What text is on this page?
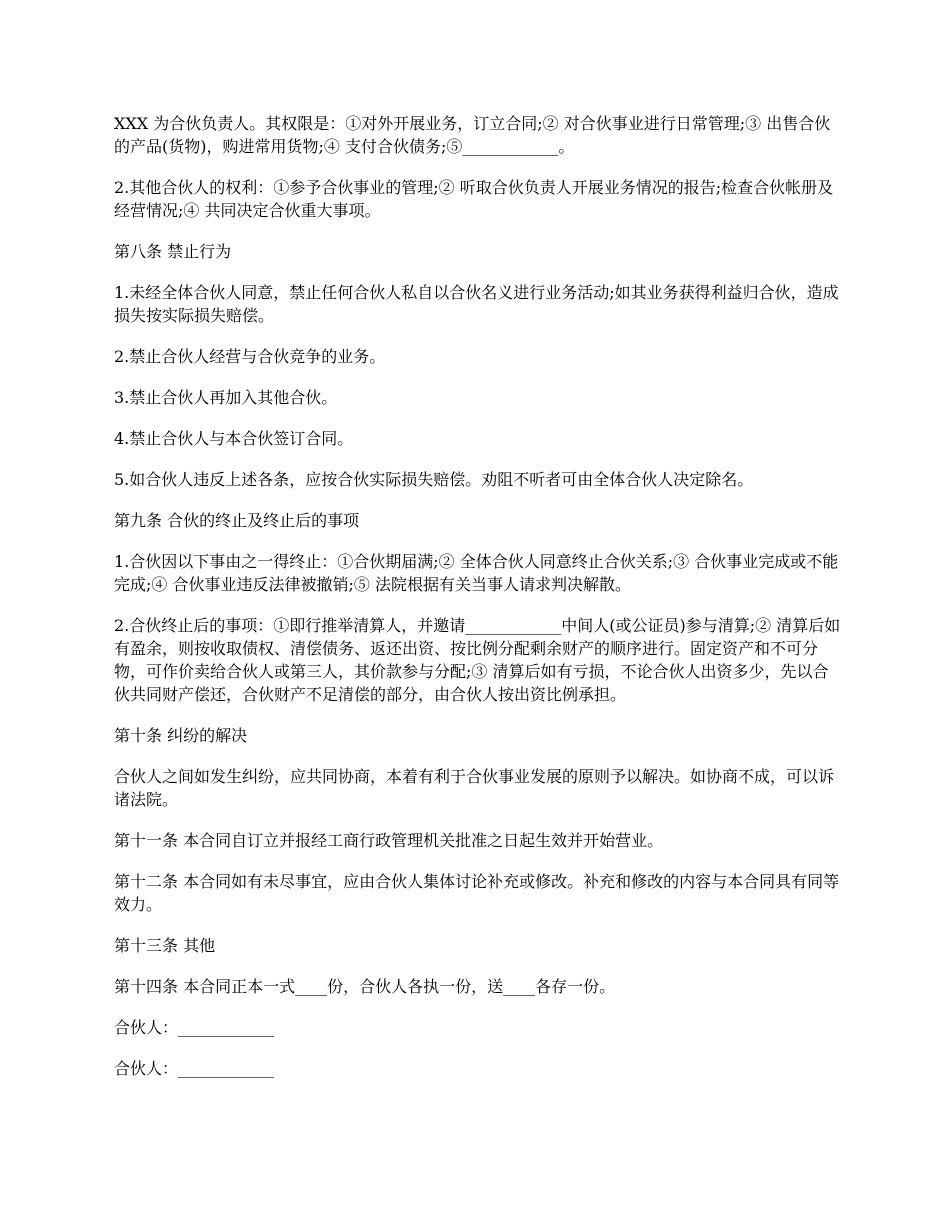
XXX 为合伙负责人。其权限是：①对外开展业务，订立合同;② 对合伙事业进行日常管理;③ 出售合伙的产品(货物)，购进常用货物;④ 支付合伙债务;⑤____________。

2.其他合伙人的权利：①参予合伙事业的管理;② 听取合伙负责人开展业务情况的报告;检查合伙帐册及经营情况;④ 共同决定合伙重大事项。

第八条 禁止行为

1.未经全体合伙人同意，禁止任何合伙人私自以合伙名义进行业务活动;如其业务获得利益归合伙，造成损失按实际损失赔偿。

2.禁止合伙人经营与合伙竞争的业务。

3.禁止合伙人再加入其他合伙。

4.禁止合伙人与本合伙签订合同。

5.如合伙人违反上述各条，应按合伙实际损失赔偿。劝阻不听者可由全体合伙人决定除名。

第九条 合伙的终止及终止后的事项

1.合伙因以下事由之一得终止：①合伙期届满;② 全体合伙人同意终止合伙关系;③ 合伙事业完成或不能完成;④ 合伙事业违反法律被撤销;⑤ 法院根据有关当事人请求判决解散。

2.合伙终止后的事项：①即行推举清算人，并邀请____________中间人(或公证员)参与清算;② 清算后如有盈余，则按收取债权、清偿债务、返还出资、按比例分配剩余财产的顺序进行。固定资产和不可分物，可作价卖给合伙人或第三人，其价款参与分配;③ 清算后如有亏损，不论合伙人出资多少，先以合伙共同财产偿还，合伙财产不足清偿的部分，由合伙人按出资比例承担。

第十条 纠纷的解决

合伙人之间如发生纠纷，应共同协商，本着有利于合伙事业发展的原则予以解决。如协商不成，可以诉诸法院。

第十一条 本合同自订立并报经工商行政管理机关批准之日起生效并开始营业。

第十二条 本合同如有未尽事宜，应由合伙人集体讨论补充或修改。补充和修改的内容与本合同具有同等效力。

第十三条 其他

第十四条 本合同正本一式____份，合伙人各执一份，送____各存一份。

合伙人：____________

合伙人：____________
